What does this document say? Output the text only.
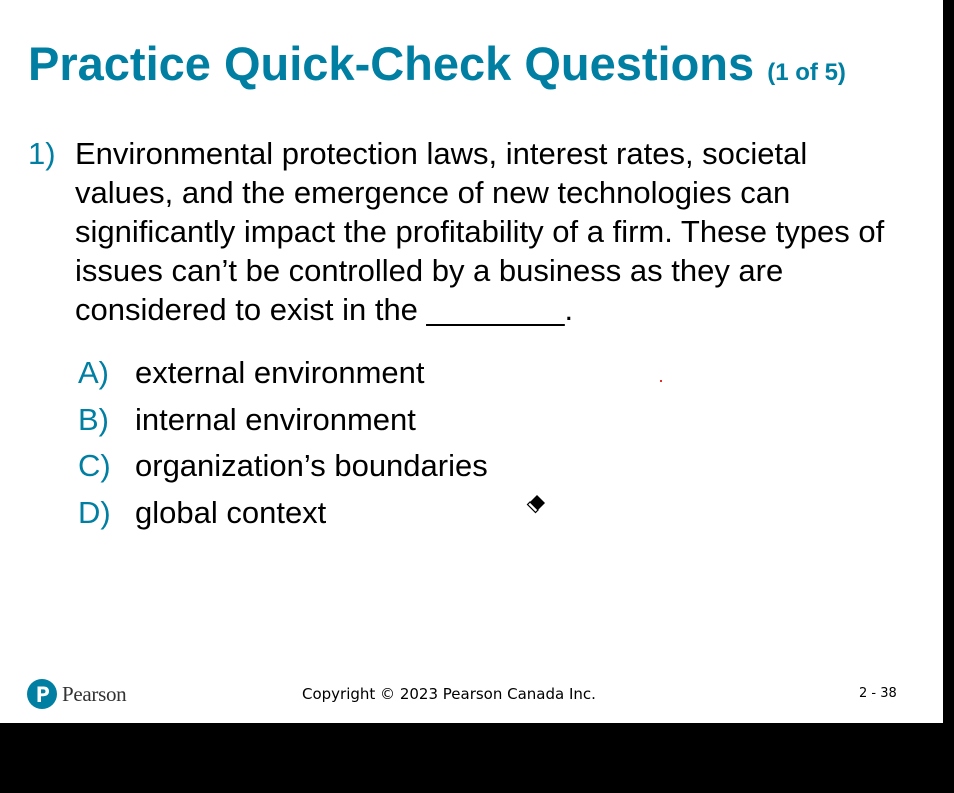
Practice Quick-Check Questions (1 of 5)
1) Environmental protection laws, interest rates, societal values, and the emergence of new technologies can significantly impact the profitability of a firm. These types of issues can’t be controlled by a business as they are considered to exist in the ________.
A) external environment
B) internal environment
C) organization’s boundaries
D) global context
Pearson	Copyright © 2023 Pearson Canada Inc.	2 - 38
